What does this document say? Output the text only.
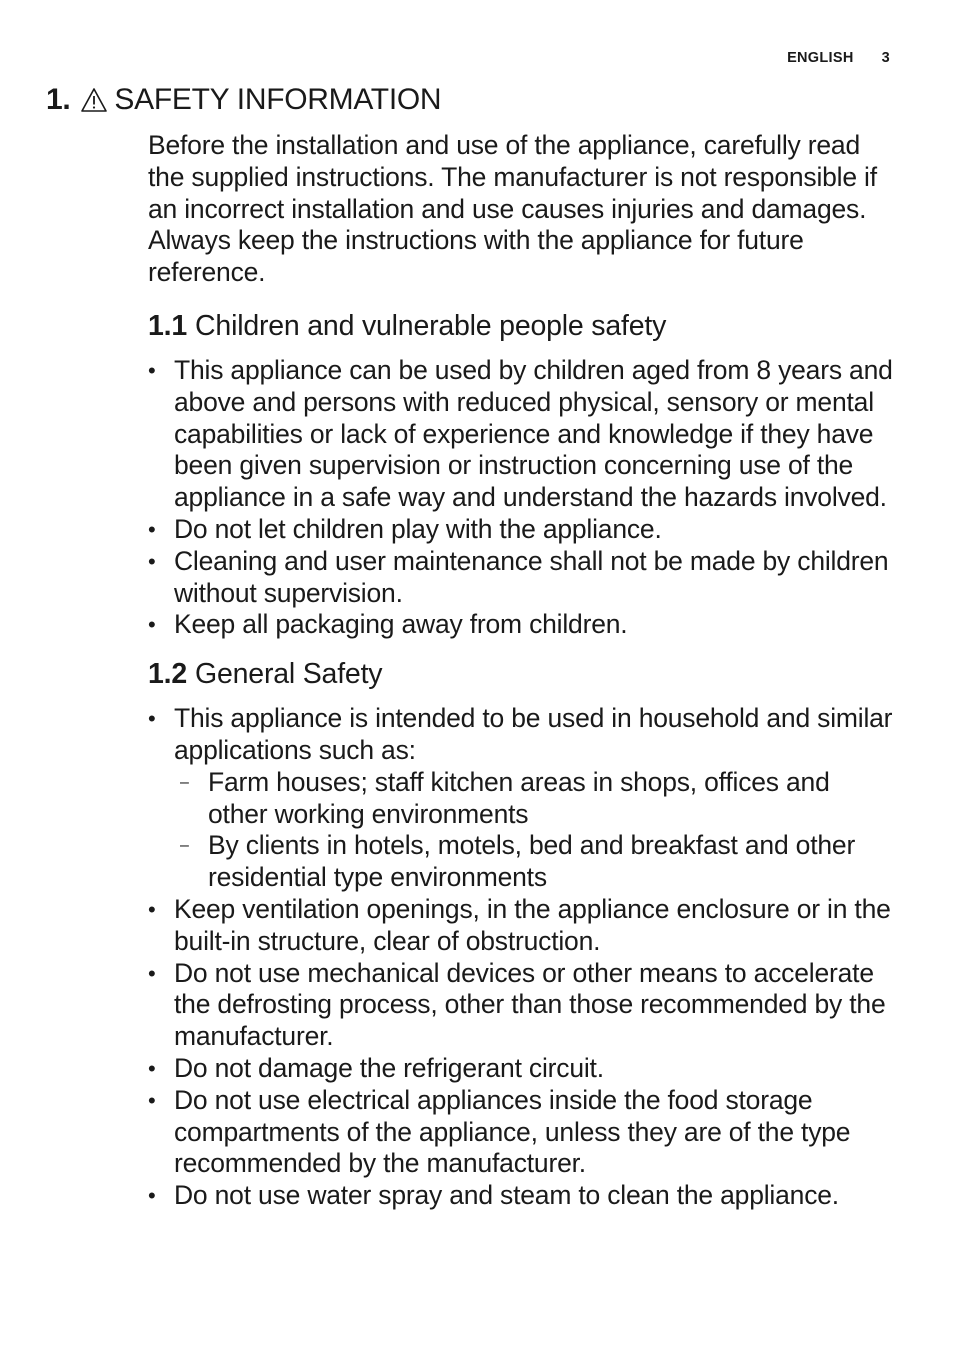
ENGLISH 3
1. SAFETY INFORMATION

Before the installation and use of the appliance, carefully read the supplied instructions. The manufacturer is not responsible if an incorrect installation and use causes injuries and damages. Always keep the instructions with the appliance for future reference.

1.1 Children and vulnerable people safety
• This appliance can be used by children aged from 8 years and above and persons with reduced physical, sensory or mental capabilities or lack of experience and knowledge if they have been given supervision or instruction concerning use of the appliance in a safe way and understand the hazards involved.
• Do not let children play with the appliance.
• Cleaning and user maintenance shall not be made by children without supervision.
• Keep all packaging away from children.
1.2 General Safety
• This appliance is intended to be used in household and similar applications such as:
– Farm houses; staff kitchen areas in shops, offices and other working environments
– By clients in hotels, motels, bed and breakfast and other residential type environments
• Keep ventilation openings, in the appliance enclosure or in the built-in structure, clear of obstruction.
• Do not use mechanical devices or other means to accelerate the defrosting process, other than those recommended by the manufacturer.
• Do not damage the refrigerant circuit.
• Do not use electrical appliances inside the food storage compartments of the appliance, unless they are of the type recommended by the manufacturer.
• Do not use water spray and steam to clean the appliance.
